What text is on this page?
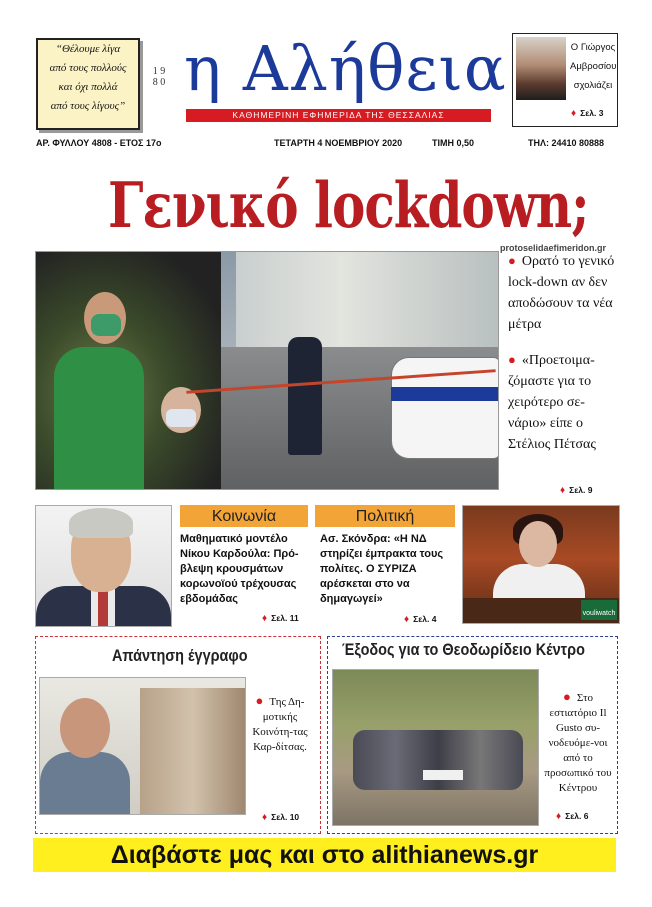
“Θέλουμε λίγα
από τους πολλούς
και όχι πολλά
από τους λίγους”
1 9 8 0 η Αλήθεια
ΚΑΘΗΜΕΡΙΝΗ ΕΦΗΜΕΡΙΔΑ ΤΗΣ ΘΕΣΣΑΛΙΑΣ
Ο Γιώργος
Αμβροσίου
σχολιάζει
♦ Σελ. 3
ΑΡ. ΦΥΛΛΟΥ 4808 - ΕΤΟΣ 17ο	ΤΕΤΑΡΤΗ 4 ΝΟΕΜΒΡΙΟΥ 2020	ΤΙΜΗ 0,50	ΤΗΛ: 24410 80888
Γενικό lockdown;
protoselidaefimeridon.gr

● Ορατό το γενικό lock-down αν δεν αποδώσουν τα νέα μέτρα

● «Προετοιμα-ζόμαστε για το χειρότερο σε-νάριο» είπε ο Στέλιος Πέτσας

♦ Σελ. 9
Κοινωνία
Μαθηματικό μοντέλο Νίκου Καρδούλα: Πρό-βλεψη κρουσμάτων κορωνοϊού τρέχουσας εβδομάδας
♦ Σελ. 11
Πολιτική
Ασ. Σκόνδρα: «Η ΝΔ στηρίζει έμπρακτα τους πολίτες. Ο ΣΥΡΙΖΑ αρέσκεται στο να δημαγωγεί»
♦ Σελ. 4
vouliwatch
Απάντηση έγγραφο
● Της Δη-μοτικής Κοινότη-τας Καρ-δίτσας.
♦ Σελ. 10
Έξοδος για το Θεοδωρίδειο Κέντρο
● Στο εστιατόριο Il Gusto συ-νοδευόμε-νοι από το προσωπικό του Κέντρου
♦ Σελ. 6
Διαβάστε μας και στο alithianews.gr
